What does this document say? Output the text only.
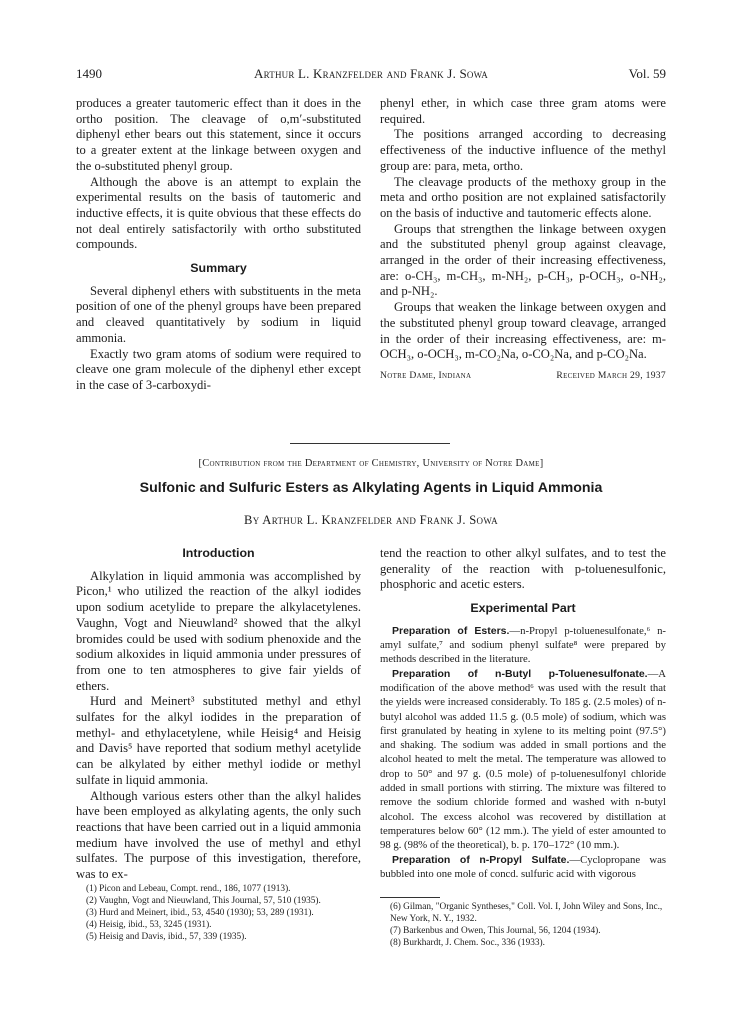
1490	Arthur L. Kranzfelder and Frank J. Sowa	Vol. 59

produces a greater tautomeric effect than it does in the ortho position. The cleavage of o,m′-substituted diphenyl ether bears out this statement, since it occurs to a greater extent at the linkage between oxygen and the o-substituted phenyl group.

Although the above is an attempt to explain the experimental results on the basis of tautomeric and inductive effects, it is quite obvious that these effects do not deal entirely satisfactorily with ortho substituted compounds.

Summary

Several diphenyl ethers with substituents in the meta position of one of the phenyl groups have been prepared and cleaved quantitatively by sodium in liquid ammonia.

Exactly two gram atoms of sodium were required to cleave one gram molecule of the diphenyl ether except in the case of 3-carboxydi-

phenyl ether, in which case three gram atoms were required.

The positions arranged according to decreasing effectiveness of the inductive influence of the methyl group are: para, meta, ortho.

The cleavage products of the methoxy group in the meta and ortho position are not explained satisfactorily on the basis of inductive and tautomeric effects alone.

Groups that strengthen the linkage between oxygen and the substituted phenyl group against cleavage, arranged in the order of their increasing effectiveness, are: o-CH₃, m-CH₃, m-NH₂, p-CH₃, p-OCH₃, o-NH₂, and p-NH₂.

Groups that weaken the linkage between oxygen and the substituted phenyl group toward cleavage, arranged in the order of their increasing effectiveness, are: m-OCH₃, o-OCH₃, m-CO₂Na, o-CO₂Na, and p-CO₂Na.

Notre Dame, Indiana	Received March 29, 1937
[Contribution from the Department of Chemistry, University of Notre Dame]
Sulfonic and Sulfuric Esters as Alkylating Agents in Liquid Ammonia
By Arthur L. Kranzfelder and Frank J. Sowa
Introduction

Alkylation in liquid ammonia was accomplished by Picon,¹ who utilized the reaction of the alkyl iodides upon sodium acetylide to prepare the alkylacetylenes. Vaughn, Vogt and Nieuwland² showed that the alkyl bromides could be used with sodium phenoxide and the sodium alkoxides in liquid ammonia under pressures of from one to ten atmospheres to give fair yields of ethers.

Hurd and Meinert³ substituted methyl and ethyl sulfates for the alkyl iodides in the preparation of methyl- and ethylacetylene, while Heisig⁴ and Heisig and Davis⁵ have reported that sodium methyl acetylide can be alkylated by either methyl iodide or methyl sulfate in liquid ammonia.

Although various esters other than the alkyl halides have been employed as alkylating agents, the only such reactions that have been carried out in a liquid ammonia medium have involved the use of methyl and ethyl sulfates. The purpose of this investigation, therefore, was to ex-

tend the reaction to other alkyl sulfates, and to test the generality of the reaction with p-toluenesulfonic, phosphoric and acetic esters.

Experimental Part

Preparation of Esters.—n-Propyl p-toluenesulfonate,⁶ n-amyl sulfate,⁷ and sodium phenyl sulfate⁸ were prepared by methods described in the literature.

Preparation of n-Butyl p-Toluenesulfonate.—A modification of the above method⁶ was used with the result that the yields were increased considerably. To 185 g. (2.5 moles) of n-butyl alcohol was added 11.5 g. (0.5 mole) of sodium, which was first granulated by heating in xylene to its melting point (97.5°) and shaking. The sodium was added in small portions and the alcohol heated to melt the metal. The temperature was allowed to drop to 50° and 97 g. (0.5 mole) of p-toluenesulfonyl chloride added in small portions with stirring. The mixture was filtered to remove the sodium chloride formed and washed with n-butyl alcohol. The excess alcohol was recovered by distillation at temperatures below 60° (12 mm.). The yield of ester amounted to 98 g. (98% of the theoretical), b. p. 170–172° (10 mm.).

Preparation of n-Propyl Sulfate.—Cyclopropane was bubbled into one mole of concd. sulfuric acid with vigorous

(1) Picon and Lebeau, Compt. rend., 186, 1077 (1913).

(2) Vaughn, Vogt and Nieuwland, This Journal, 57, 510 (1935).

(3) Hurd and Meinert, ibid., 53, 4540 (1930); 53, 289 (1931).

(4) Heisig, ibid., 53, 3245 (1931).

(5) Heisig and Davis, ibid., 57, 339 (1935).

(6) Gilman, "Organic Syntheses," Coll. Vol. I, John Wiley and Sons, Inc., New York, N. Y., 1932.

(7) Barkenbus and Owen, This Journal, 56, 1204 (1934).

(8) Burkhardt, J. Chem. Soc., 336 (1933).
